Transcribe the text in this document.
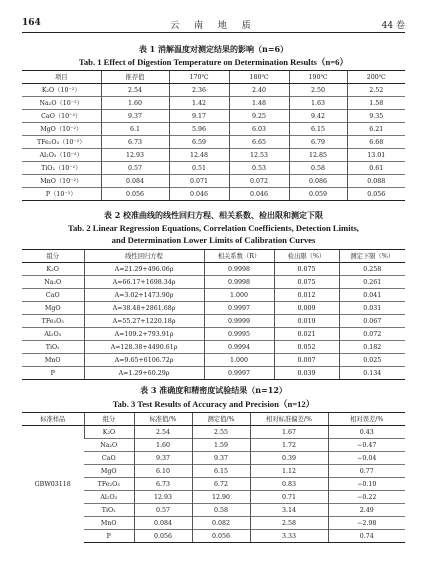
164	云 南 地 质	44 卷
表 1 消解温度对测定结果的影响（n=6）
Tab. 1 Effect of Digestion Temperature on Determination Results（n=6）
项目	推荐值	170℃	180℃	190℃	200℃
K₂O（10⁻²）	2.54	2.36	2.40	2.50	2.52
Na₂O（10⁻²）	1.60	1.42	1.48	1.63	1.58
CaO（10⁻²）	9.37	9.17	9.25	9.42	9.35
MgO（10⁻²）	6.1	5.96	6.03	6.15	6.21
TFe₂O₃（10⁻²）	6.73	6.59	6.65	6.79	6.68
Al₂O₃（10⁻²）	12.93	12.48	12.53	12.85	13.01
TiO₂（10⁻²）	0.57	0.51	0.53	0.58	0.61
MnO（10⁻²）	0.084	0.071	0.072	0.086	0.088
P（10⁻²）	0.056	0.046	0.046	0.059	0.056
表 2 校准曲线的线性回归方程、相关系数、检出限和测定下限
Tab. 2 Linear Regression Equations, Correlation Coefficients, Detection Limits,
and Determination Lower Limits of Calibration Curves
组分	线性回归方程	相关系数（R）	检出限（%）	测定下限（%）
K₂O	A=21.29+496.06ρ	0.9998	0.075	0.258
Na₂O	A=66.17+1698.34ρ	0.9998	0.075	0.261
CaO	A=3.02+1473.90ρ	1.000	0.012	0.041
MgO	A=38.48+2861.68ρ	0.9997	0.009	0.031
TFe₂O₃	A=55.27+1220.18ρ	0.9999	0.019	0.067
Al₂O₃	A=109.2+793.91ρ	0.9995	0.021	0.072
TiO₂	A=128.38+4490.61ρ	0.9994	0.052	0.182
MnO	A=9.65+6106.72ρ	1.000	0.007	0.025
P	A=1.29+60.29ρ	0.9997	0.039	0.134
表 3 准确度和精密度试验结果（n=12）
Tab. 3 Test Results of Accuracy and Precision（n=12）
标准样品	组分	标准值/%	测定值/%	相对标准偏差/%	相对误差/%
GBW03118	K₂O	2.54	2.55	1.67	0.43
	Na₂O	1.60	1.59	1.72	−0.47
	CaO	9.37	9.37	0.39	−0.04
	MgO	6.10	6.15	1.12	0.77
	TFe₂O₃	6.73	6.72	0.83	−0.10
	Al₂O₃	12.93	12.90	0.71	−0.22
	TiO₂	0.57	0.58	3.14	2.49
	MnO	0.084	0.082	2.58	−2.98
	P	0.056	0.056	3.33	0.74
